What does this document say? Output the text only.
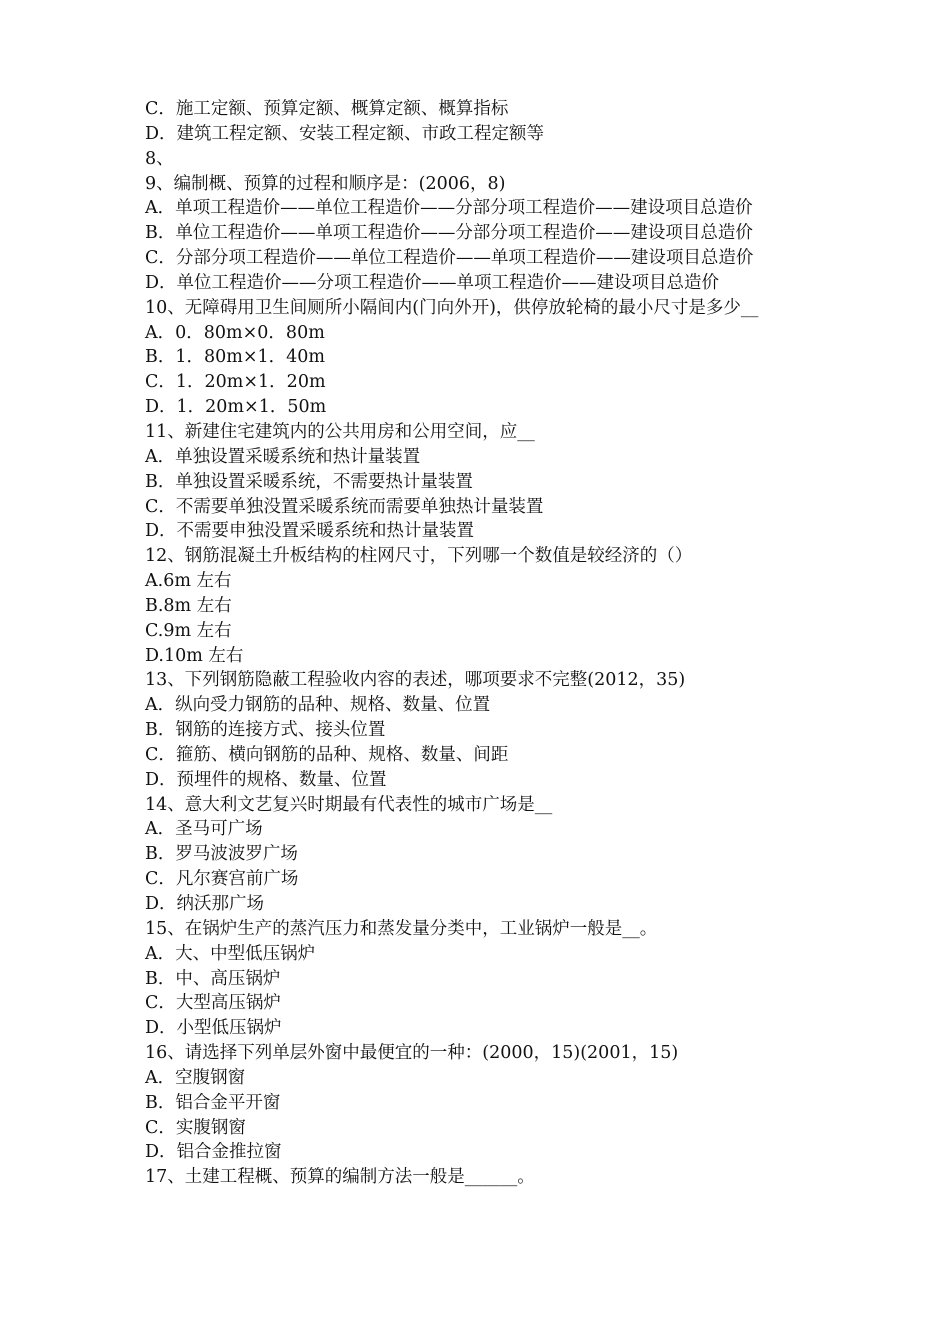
C．施工定额、预算定额、概算定额、概算指标
D．建筑工程定额、安装工程定额、市政工程定额等
8、
9、编制概、预算的过程和顺序是：(2006，8)
A．单项工程造价——单位工程造价——分部分项工程造价——建设项目总造价
B．单位工程造价——单项工程造价——分部分项工程造价——建设项目总造价
C．分部分项工程造价——单位工程造价——单项工程造价——建设项目总造价
D．单位工程造价——分项工程造价——单项工程造价——建设项目总造价
10、无障碍用卫生间厕所小隔间内(门向外开)，供停放轮椅的最小尺寸是多少__
A．0．80m×0．80m
B．1．80m×1．40m
C．1．20m×1．20m
D．1．20m×1．50m
11、新建住宅建筑内的公共用房和公用空间，应__
A．单独设置采暖系统和热计量装置
B．单独设置采暖系统，不需要热计量装置
C．不需要单独没置采暖系统而需要单独热计量装置
D．不需要申独没置采暖系统和热计量装置
12、钢筋混凝土升板结构的柱网尺寸，下列哪一个数值是较经济的（）
A.6m 左右
B.8m 左右
C.9m 左右
D.10m 左右
13、下列钢筋隐蔽工程验收内容的表述，哪项要求不完整(2012，35)
A．纵向受力钢筋的品种、规格、数量、位置
B．钢筋的连接方式、接头位置
C．箍筋、横向钢筋的品种、规格、数量、间距
D．预埋件的规格、数量、位置
14、意大利文艺复兴时期最有代表性的城市广场是__
A．圣马可广场
B．罗马波波罗广场
C．凡尔赛宫前广场
D．纳沃那广场
15、在锅炉生产的蒸汽压力和蒸发量分类中，工业锅炉一般是__。
A．大、中型低压锅炉
B．中、高压锅炉
C．大型高压锅炉
D．小型低压锅炉
16、请选择下列单层外窗中最便宜的一种：(2000，15)(2001，15)
A．空腹钢窗
B．铝合金平开窗
C．实腹钢窗
D．铝合金推拉窗
17、土建工程概、预算的编制方法一般是______。
